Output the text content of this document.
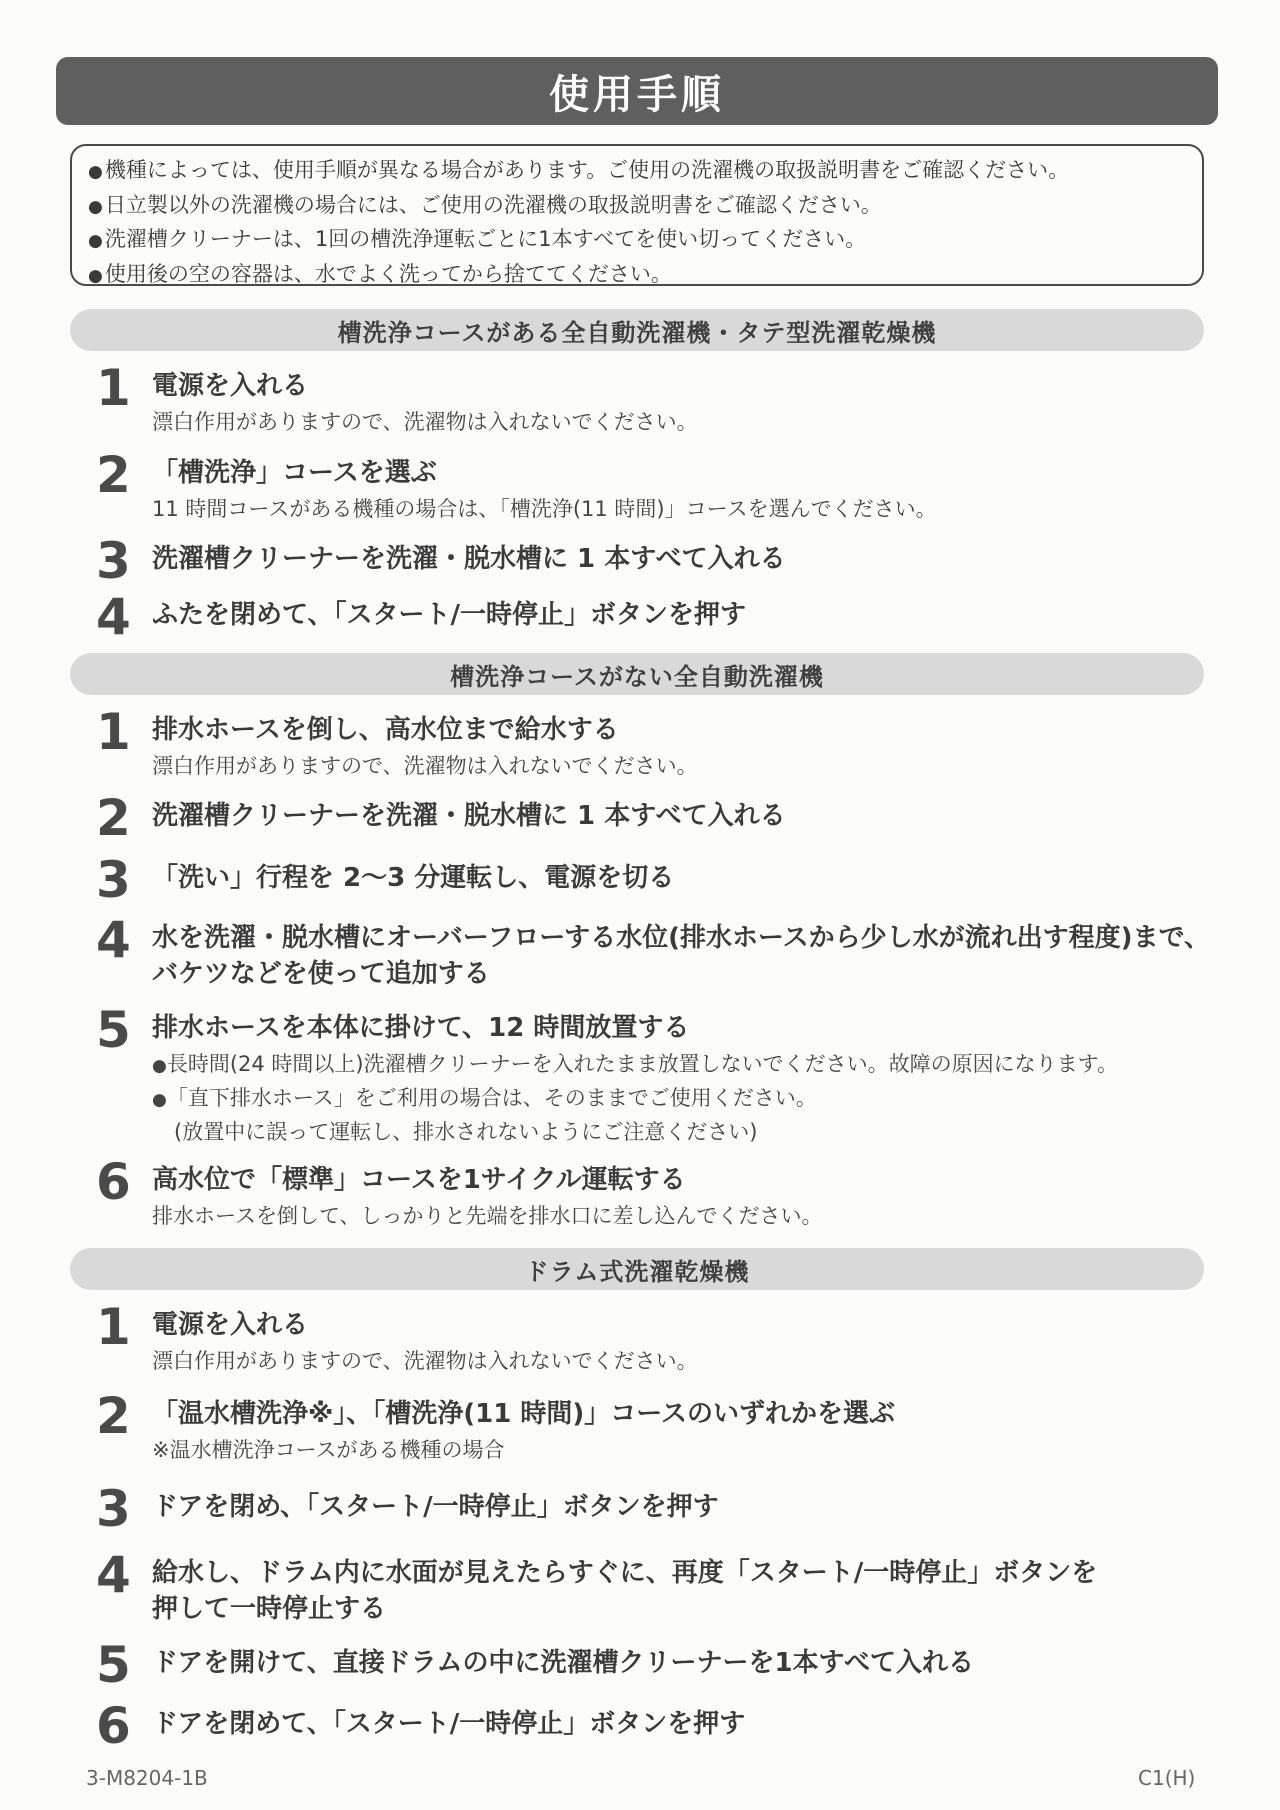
使用手順
●機種によっては、使用手順が異なる場合があります。ご使用の洗濯機の取扱説明書をご確認ください。
●日立製以外の洗濯機の場合には、ご使用の洗濯機の取扱説明書をご確認ください。
●洗濯槽クリーナーは、1回の槽洗浄運転ごとに1本すべてを使い切ってください。
●使用後の空の容器は、水でよく洗ってから捨ててください。
槽洗浄コースがある全自動洗濯機・タテ型洗濯乾燥機
1 電源を入れる
漂白作用がありますので、洗濯物は入れないでください。
2 「槽洗浄」コースを選ぶ
11 時間コースがある機種の場合は、「槽洗浄(11 時間)」コースを選んでください。
3 洗濯槽クリーナーを洗濯・脱水槽に 1 本すべて入れる
4 ふたを閉めて、「スタート/一時停止」ボタンを押す
槽洗浄コースがない全自動洗濯機
1 排水ホースを倒し、高水位まで給水する
漂白作用がありますので、洗濯物は入れないでください。
2 洗濯槽クリーナーを洗濯・脱水槽に 1 本すべて入れる
3 「洗い」行程を 2～3 分運転し、電源を切る
4 水を洗濯・脱水槽にオーバーフローする水位(排水ホースから少し水が流れ出す程度)まで、バケツなどを使って追加する
5 排水ホースを本体に掛けて、12 時間放置する
●長時間(24 時間以上)洗濯槽クリーナーを入れたまま放置しないでください。故障の原因になります。
●「直下排水ホース」をご利用の場合は、そのままでご使用ください。
(放置中に誤って運転し、排水されないようにご注意ください)
6 高水位で「標準」コースを1サイクル運転する
排水ホースを倒して、しっかりと先端を排水口に差し込んでください。
ドラム式洗濯乾燥機
1 電源を入れる
漂白作用がありますので、洗濯物は入れないでください。
2 「温水槽洗浄※」、「槽洗浄(11 時間)」コースのいずれかを選ぶ
※温水槽洗浄コースがある機種の場合
3 ドアを閉め、「スタート/一時停止」ボタンを押す
4 給水し、ドラム内に水面が見えたらすぐに、再度「スタート/一時停止」ボタンを押して一時停止する
5 ドアを開けて、直接ドラムの中に洗濯槽クリーナーを1本すべて入れる
6 ドアを閉めて、「スタート/一時停止」ボタンを押す
3-M8204-1B	C1(H)
